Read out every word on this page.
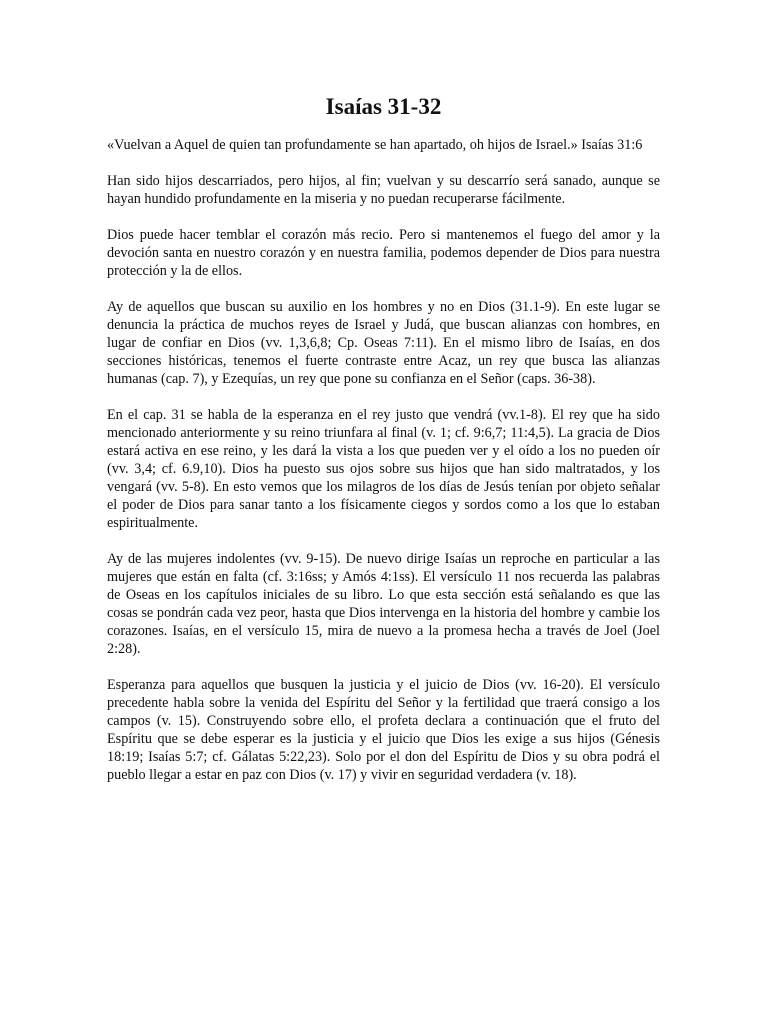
Isaías 31-32

«Vuelvan a Aquel de quien tan profundamente se han apartado, oh hijos de Israel.» Isaías 31:6

Han sido hijos descarriados, pero hijos, al fin; vuelvan y su descarrío será sanado, aunque se hayan hundido profundamente en la miseria y no puedan recuperarse fácilmente.

Dios puede hacer temblar el corazón más recio. Pero si mantenemos el fuego del amor y la devoción santa en nuestro corazón y en nuestra familia, podemos depender de Dios para nuestra protección y la de ellos.

Ay de aquellos que buscan su auxilio en los hombres y no en Dios (31.1-9). En este lugar se denuncia la práctica de muchos reyes de Israel y Judá, que buscan alianzas con hombres, en lugar de confiar en Dios (vv. 1,3,6,8; Cp. Oseas 7:11). En el mismo libro de Isaías, en dos secciones históricas, tenemos el fuerte contraste entre Acaz, un rey que busca las alianzas humanas (cap. 7), y Ezequías, un rey que pone su confianza en el Señor (caps. 36-38).

En el cap. 31 se habla de la esperanza en el rey justo que vendrá (vv.1-8). El rey que ha sido mencionado anteriormente y su reino triunfara al final (v. 1; cf. 9:6,7; 11:4,5). La gracia de Dios estará activa en ese reino, y les dará la vista a los que pueden ver y el oído a los no pueden oír (vv. 3,4; cf. 6.9,10). Dios ha puesto sus ojos sobre sus hijos que han sido maltratados, y los vengará (vv. 5-8). En esto vemos que los milagros de los días de Jesús tenían por objeto señalar el poder de Dios para sanar tanto a los físicamente ciegos y sordos como a los que lo estaban espiritualmente.

Ay de las mujeres indolentes (vv. 9-15). De nuevo dirige Isaías un reproche en particular a las mujeres que están en falta (cf. 3:16ss; y Amós 4:1ss). El versículo 11 nos recuerda las palabras de Oseas en los capítulos iniciales de su libro. Lo que esta sección está señalando es que las cosas se pondrán cada vez peor, hasta que Dios intervenga en la historia del hombre y cambie los corazones. Isaías, en el versículo 15, mira de nuevo a la promesa hecha a través de Joel (Joel 2:28).

Esperanza para aquellos que busquen la justicia y el juicio de Dios (vv. 16-20). El versículo precedente habla sobre la venida del Espíritu del Señor y la fertilidad que traerá consigo a los campos (v. 15). Construyendo sobre ello, el profeta declara a continuación que el fruto del Espíritu que se debe esperar es la justicia y el juicio que Dios les exige a sus hijos (Génesis 18:19; Isaías 5:7; cf. Gálatas 5:22,23). Solo por el don del Espíritu de Dios y su obra podrá el pueblo llegar a estar en paz con Dios (v. 17) y vivir en seguridad verdadera (v. 18).
